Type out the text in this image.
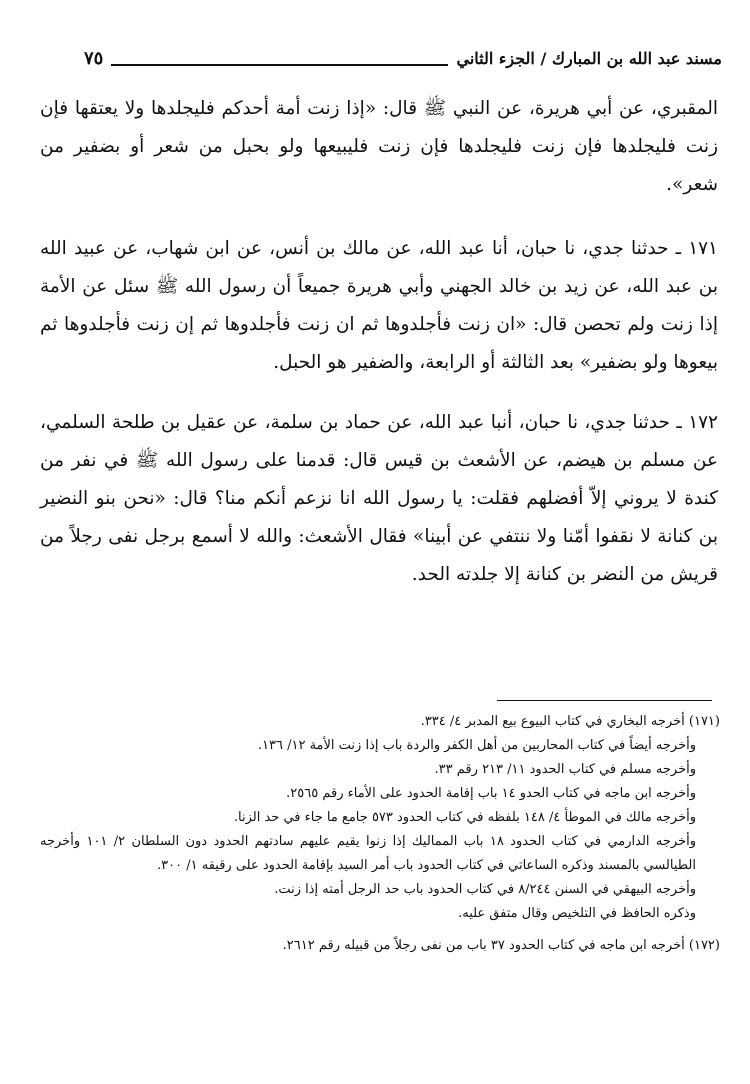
مسند عبد الله بن المبارك / الجزء الثاني
٧٥

المقبري، عن أبي هريرة، عن النبي ﷺ قال: «إذا زنت أمة أحدكم فليجلدها ولا يعتقها فإن زنت فليجلدها فإن زنت فليجلدها فإن زنت فليبيعها ولو بحبل من شعر أو بضفير من شعر».

١٧١ ـ حدثنا جدي، نا حبان، أنا عبد الله، عن مالك بن أنس، عن ابن شهاب، عن عبيد الله بن عبد الله، عن زيد بن خالد الجهني وأبي هريرة جميعاً أن رسول الله ﷺ سئل عن الأمة إذا زنت ولم تحصن قال: «ان زنت فأجلدوها ثم ان زنت فأجلدوها ثم إن زنت فأجلدوها ثم بيعوها ولو بضفير» بعد الثالثة أو الرابعة، والضفير هو الحبل.

١٧٢ ـ حدثنا جدي، نا حبان، أنبا عبد الله، عن حماد بن سلمة، عن عقيل بن طلحة السلمي، عن مسلم بن هيضم، عن الأشعث بن قيس قال: قدمنا على رسول الله ﷺ في نفر من كندة لا يروني إلاّ أفضلهم فقلت: يا رسول الله انا نزعم أنكم منا؟ قال: «نحن بنو النضير بن كنانة لا نقفوا أمّنا ولا ننتفي عن أبينا» فقال الأشعث: والله لا أسمع برجل نفى رجلاً من قريش من النضر بن كنانة إلا جلدته الحد.

(١٧١) أخرجه البخاري في كتاب البيوع بيع المدبر ٤/ ٣٣٤.

وأخرجه أيضاً في كتاب المحاربين من أهل الكفر والردة باب إذا زنت الأمة ١٢/ ١٣٦.

وأخرجه مسلم في كتاب الحدود ١١/ ٢١٣ رقم ٣٣.

وأخرجه ابن ماجه في كتاب الحدو ١٤ باب إقامة الحدود على الأماء رقم ٢٥٦٥.

وأخرجه مالك في الموطأ ٤/ ١٤٨ بلفظه في كتاب الحدود ٥٧٣ جامع ما جاء في حد الزنا.

وأخرجه الدارمي في كتاب الحدود ١٨ باب المماليك إذا زنوا يقيم عليهم سادتهم الحدود دون السلطان ٢/ ١٠١ وأخرجه الطيالسي بالمسند وذكره الساعاتي في كتاب الحدود باب أمر السيد بإقامة الحدود على رقيقه ١/ ٣٠٠.

وأخرجه البيهقي في السنن ٨/٢٤٤ في كتاب الحدود باب حد الرجل أمته إذا زنت.

وذكره الحافظ في التلخيص وقال متفق عليه.

(١٧٢) أخرجه ابن ماجه في كتاب الحدود ٣٧ باب من نفى رجلاً من قبيله رقم ٢٦١٢.
